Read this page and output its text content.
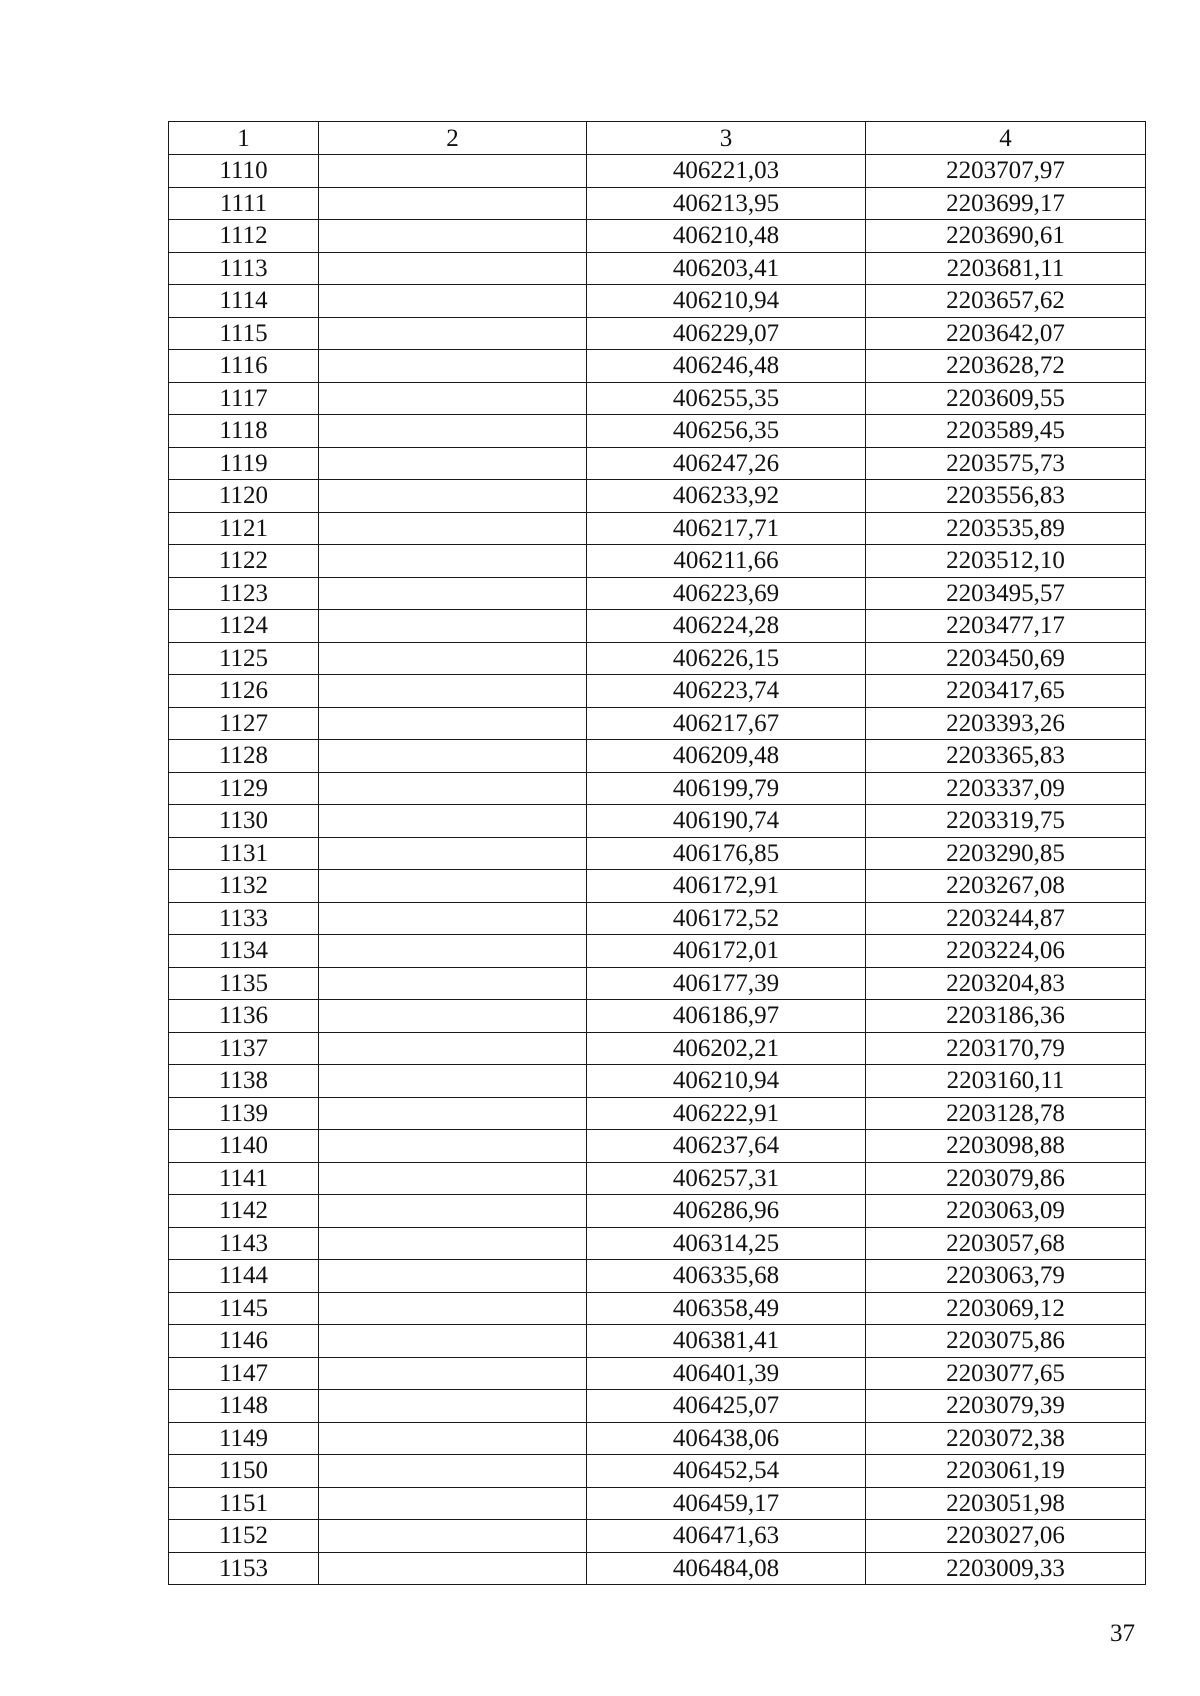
1	2	3	4
1110		406221,03	2203707,97
1111		406213,95	2203699,17
1112		406210,48	2203690,61
1113		406203,41	2203681,11
1114		406210,94	2203657,62
1115		406229,07	2203642,07
1116		406246,48	2203628,72
1117		406255,35	2203609,55
1118		406256,35	2203589,45
1119		406247,26	2203575,73
1120		406233,92	2203556,83
1121		406217,71	2203535,89
1122		406211,66	2203512,10
1123		406223,69	2203495,57
1124		406224,28	2203477,17
1125		406226,15	2203450,69
1126		406223,74	2203417,65
1127		406217,67	2203393,26
1128		406209,48	2203365,83
1129		406199,79	2203337,09
1130		406190,74	2203319,75
1131		406176,85	2203290,85
1132		406172,91	2203267,08
1133		406172,52	2203244,87
1134		406172,01	2203224,06
1135		406177,39	2203204,83
1136		406186,97	2203186,36
1137		406202,21	2203170,79
1138		406210,94	2203160,11
1139		406222,91	2203128,78
1140		406237,64	2203098,88
1141		406257,31	2203079,86
1142		406286,96	2203063,09
1143		406314,25	2203057,68
1144		406335,68	2203063,79
1145		406358,49	2203069,12
1146		406381,41	2203075,86
1147		406401,39	2203077,65
1148		406425,07	2203079,39
1149		406438,06	2203072,38
1150		406452,54	2203061,19
1151		406459,17	2203051,98
1152		406471,63	2203027,06
1153		406484,08	2203009,33
37
